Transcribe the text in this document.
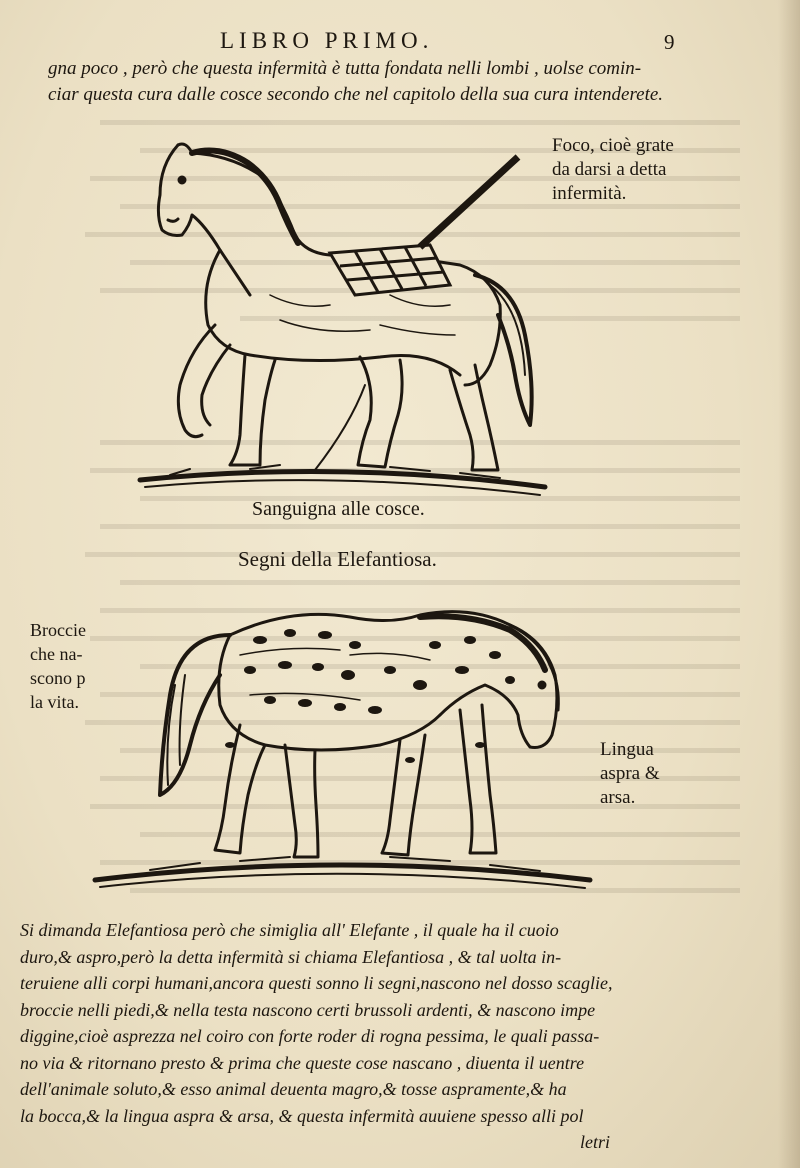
LIBRO PRIMO.	9
gna poco , però che questa infermità è tutta fondata nelli lombi , uolse comin-
ciar questa cura dalle cosce secondo che nel capitolo della sua cura intenderete.
Foco, cioè grate
da darsi a detta
infermità.
Sanguigna alle cosce.
Segni della Elefantiosa.
Broccie
che na-
scono p
la vita.
Lingua
aspra &
arsa.
Si dimanda Elefantiosa però che simiglia all' Elefante , il quale ha il cuoio
duro,& aspro,però la detta infermità si chiama Elefantiosa , & tal uolta in-
teruiene alli corpi humani,ancora questi sonno li segni,nascono nel dosso scaglie,
broccie nelli piedi,& nella testa nascono certi brussoli ardenti, & nascono impe
diggine,cioè asprezza nel coiro con forte roder di rogna pessima, le quali passa-
no via & ritornano presto & prima che queste cose nascano , diuenta il uentre
dell'animale soluto,& esso animal deuenta magro,& tosse aspramente,& ha
la bocca,& la lingua aspra & arsa, & questa infermità auuiene spesso alli pol
letri
